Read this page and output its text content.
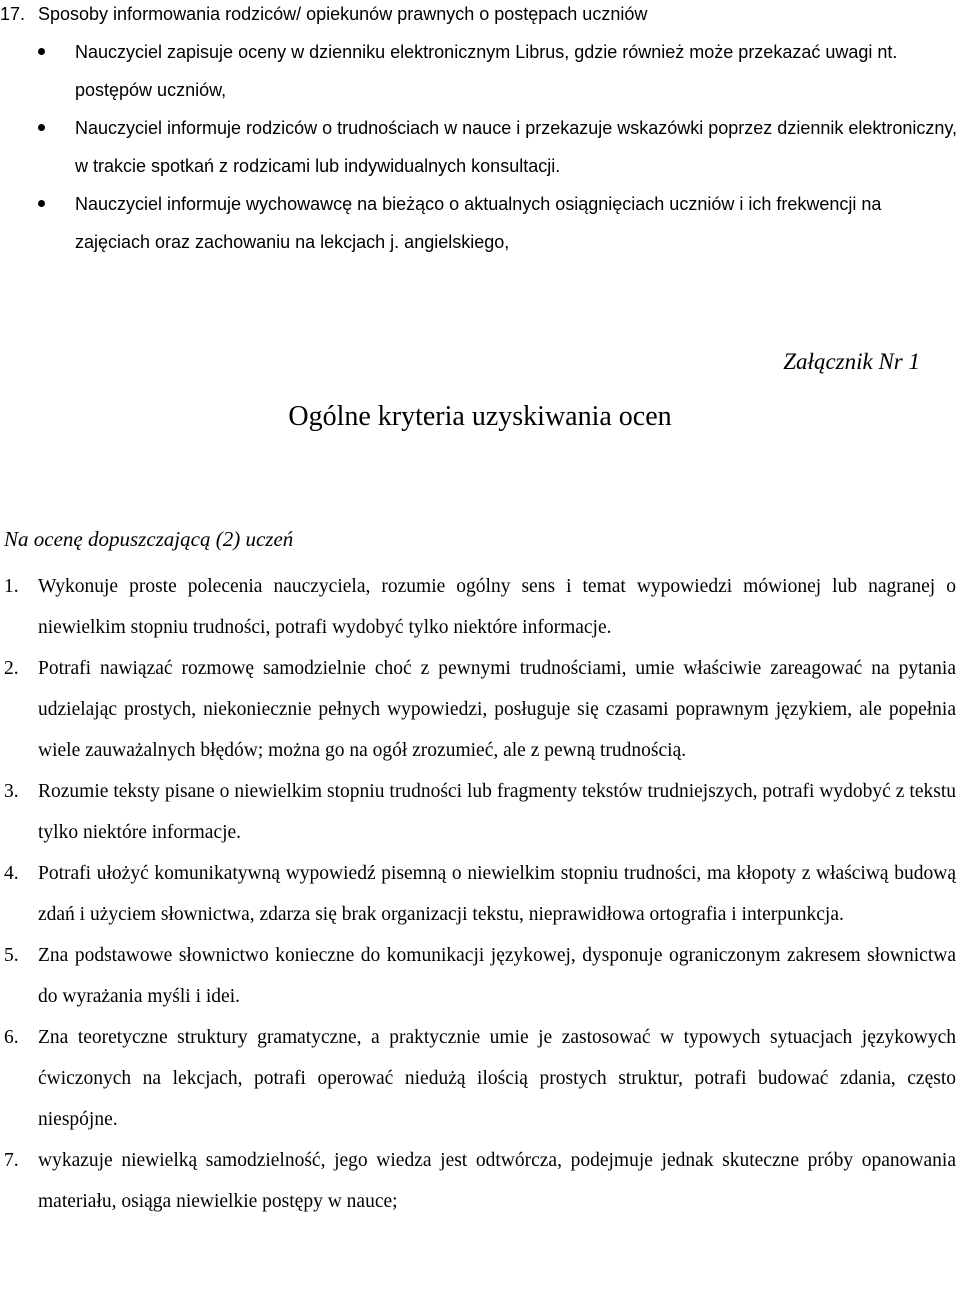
17. Sposoby informowania rodziców/ opiekunów prawnych o postępach uczniów
Nauczyciel zapisuje oceny w dzienniku elektronicznym Librus, gdzie również może przekazać uwagi nt. postępów uczniów,
Nauczyciel informuje rodziców o trudnościach w nauce i przekazuje wskazówki poprzez dziennik elektroniczny, w trakcie spotkań z rodzicami lub indywidualnych konsultacji.
Nauczyciel informuje wychowawcę na bieżąco o aktualnych osiągnięciach uczniów i ich frekwencji na zajęciach oraz zachowaniu na lekcjach j. angielskiego,
Załącznik Nr 1
Ogólne kryteria uzyskiwania ocen
Na ocenę dopuszczającą (2) uczeń
1. Wykonuje proste polecenia nauczyciela, rozumie ogólny sens i temat wypowiedzi mówionej lub nagranej o niewielkim stopniu trudności, potrafi wydobyć tylko niektóre informacje.
2. Potrafi nawiązać rozmowę samodzielnie choć z pewnymi trudnościami, umie właściwie zareagować na pytania udzielając prostych, niekoniecznie pełnych wypowiedzi, posługuje się czasami poprawnym językiem, ale popełnia wiele zauważalnych błędów; można go na ogół zrozumieć, ale z pewną trudnością.
3. Rozumie teksty pisane o niewielkim stopniu trudności lub fragmenty tekstów trudniejszych, potrafi wydobyć z tekstu tylko niektóre informacje.
4. Potrafi ułożyć komunikatywną wypowiedź pisemną o niewielkim stopniu trudności, ma kłopoty z właściwą budową zdań i użyciem słownictwa, zdarza się brak organizacji tekstu, nieprawidłowa ortografia i interpunkcja.
5. Zna podstawowe słownictwo konieczne do komunikacji językowej, dysponuje ograniczonym zakresem słownictwa do wyrażania myśli i idei.
6. Zna teoretyczne struktury gramatyczne, a praktycznie umie je zastosować w typowych sytuacjach językowych ćwiczonych na lekcjach, potrafi operować niedużą ilością prostych struktur, potrafi budować zdania, często niespójne.
7. wykazuje niewielką samodzielność, jego wiedza jest odtwórcza, podejmuje jednak skuteczne próby opanowania materiału, osiąga niewielkie postępy w nauce;
